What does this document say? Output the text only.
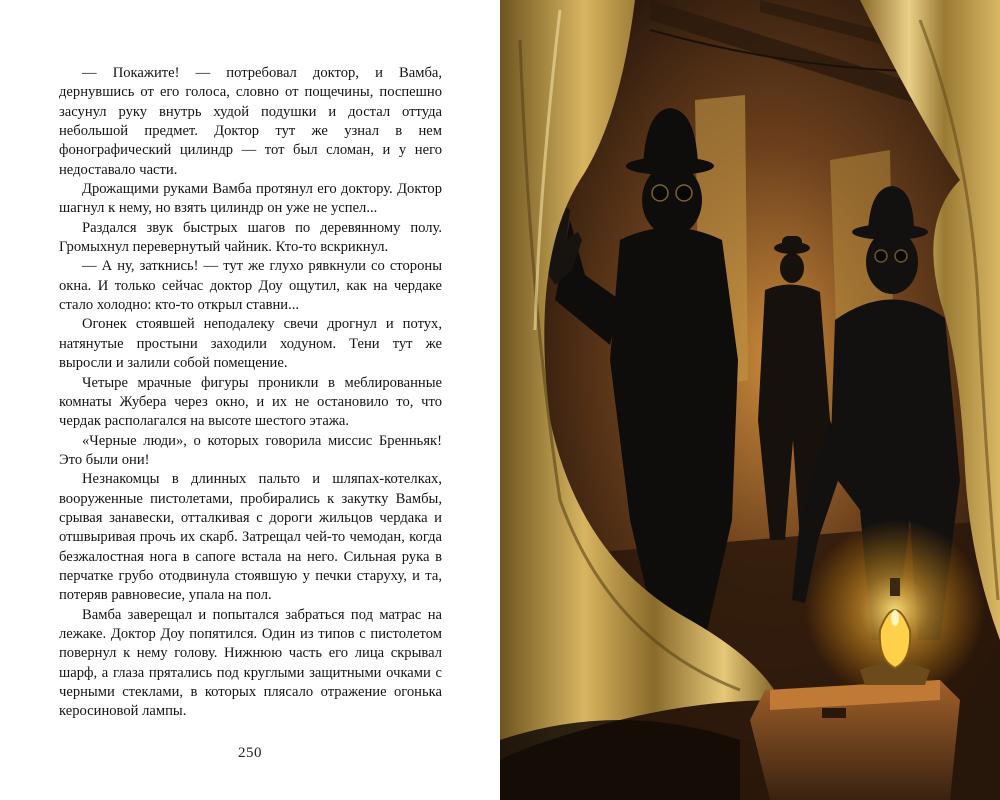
— Покажите! — потребовал доктор, и Вамба, дернувшись от его голоса, словно от пощечины, поспешно засунул руку внутрь худой подушки и достал оттуда небольшой предмет. Доктор тут же узнал в нем фонографический цилиндр — тот был сломан, и у него недоставало части.

Дрожащими руками Вамба протянул его доктору. Доктор шагнул к нему, но взять цилиндр он уже не успел...

Раздался звук быстрых шагов по деревянному полу. Громыхнул перевернутый чайник. Кто-то вскрикнул.

— А ну, заткнись! — тут же глухо рявкнули со стороны окна. И только сейчас доктор Доу ощутил, как на чердаке стало холодно: кто-то открыл ставни...

Огонек стоявшей неподалеку свечи дрогнул и потух, натянутые простыни заходили ходуном. Тени тут же выросли и залили собой помещение.

Четыре мрачные фигуры проникли в меблированные комнаты Жубера через окно, и их не остановило то, что чердак располагался на высоте шестого этажа.

«Черные люди», о которых говорила миссис Бренньяк! Это были они!

Незнакомцы в длинных пальто и шляпах-котелках, вооруженные пистолетами, пробирались к закутку Вамбы, срывая занавески, отталкивая с дороги жильцов чердака и отшвыривая прочь их скарб. Затрещал чей-то чемодан, когда безжалостная нога в сапоге встала на него. Сильная рука в перчатке грубо отодвинула стоявшую у печки старуху, и та, потеряв равновесие, упала на пол.

Вамба заверещал и попытался забраться под матрас на лежаке. Доктор Доу попятился. Один из типов с пистолетом повернул к нему голову. Нижнюю часть его лица скрывал шарф, а глаза прятались под круглыми защитными очками с черными стеклами, в которых плясало отражение огонька керосиновой лампы.

250
